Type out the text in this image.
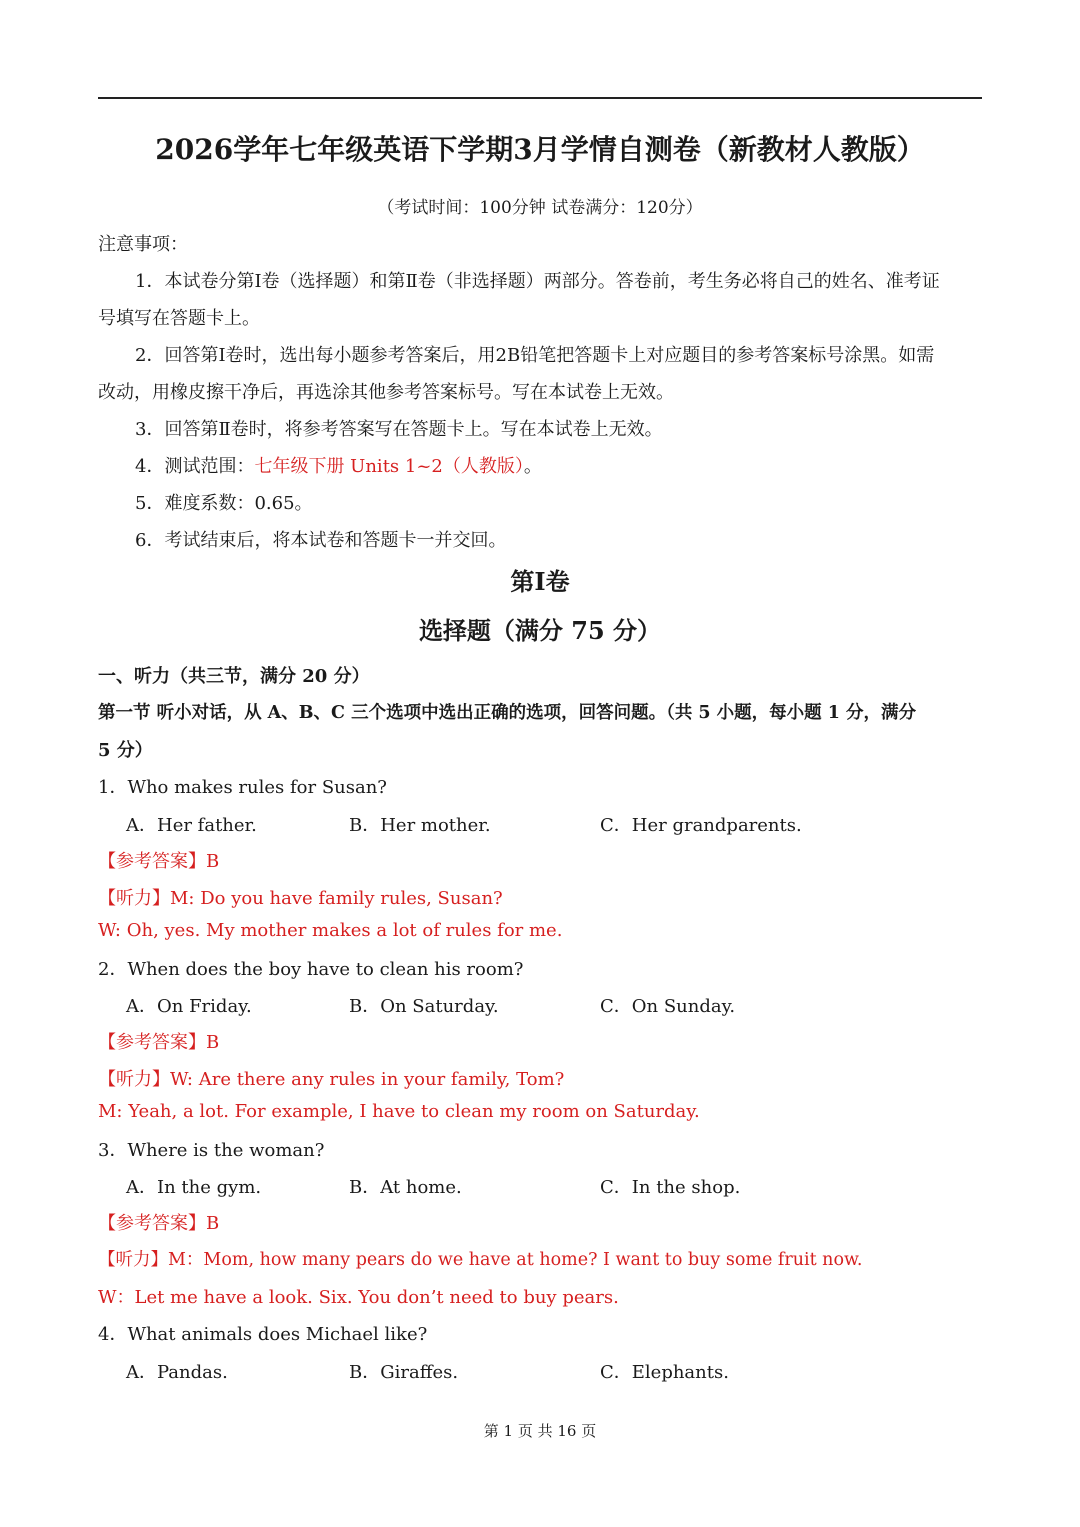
2026学年七年级英语下学期3月学情自测卷（新教材人教版）
（考试时间：100分钟 试卷满分：120分）
注意事项：
1．本试卷分第Ⅰ卷（选择题）和第Ⅱ卷（非选择题）两部分。答卷前，考生务必将自己的姓名、准考证
号填写在答题卡上。
2．回答第Ⅰ卷时，选出每小题参考答案后，用2B铅笔把答题卡上对应题目的参考答案标号涂黑。如需
改动，用橡皮擦干净后，再选涂其他参考答案标号。写在本试卷上无效。
3．回答第Ⅱ卷时，将参考答案写在答题卡上。写在本试卷上无效。
4．测试范围：七年级下册 Units 1~2（人教版）。
5．难度系数：0.65。
6．考试结束后，将本试卷和答题卡一并交回。
第Ⅰ卷
选择题（满分 75 分）
一、听力（共三节，满分 20 分）
第一节 听小对话，从 A、B、C 三个选项中选出正确的选项，回答问题。（共 5 小题，每小题 1 分，满分
5 分）
1．Who makes rules for Susan?
A．Her father.	B．Her mother.	C．Her grandparents.
【参考答案】B
【听力】M: Do you have family rules, Susan?
W: Oh, yes. My mother makes a lot of rules for me.
2．When does the boy have to clean his room?
A．On Friday.	B．On Saturday.	C．On Sunday.
【参考答案】B
【听力】W: Are there any rules in your family, Tom?
M: Yeah, a lot. For example, I have to clean my room on Saturday.
3．Where is the woman?
A．In the gym.	B．At home.	C．In the shop.
【参考答案】B
【听力】M：Mom, how many pears do we have at home? I want to buy some fruit now.
W：Let me have a look. Six. You don’t need to buy pears.
4．What animals does Michael like?
A．Pandas.	B．Giraffes.	C．Elephants.
第 1 页 共 16 页
